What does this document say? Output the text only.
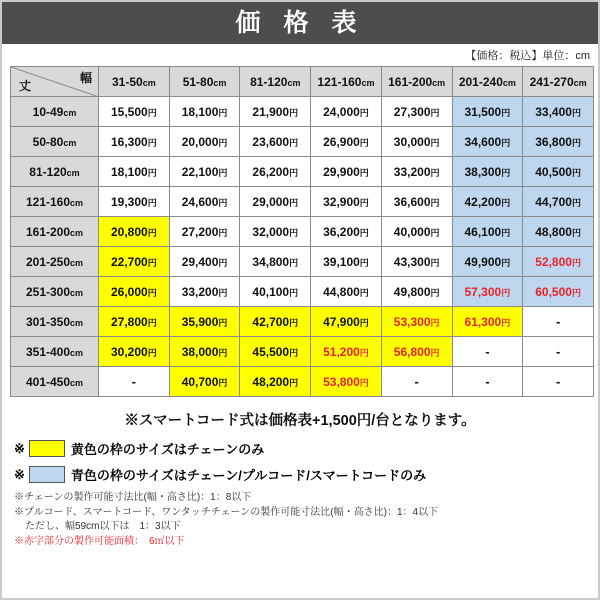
価 格 表
【価格：税込】単位：cm
幅
丈	31-50cm	51-80cm	81-120cm	121-160cm	161-200cm	201-240cm	241-270cm
10-49cm	15,500円	18,100円	21,900円	24,000円	27,300円	31,500円	33,400円
50-80cm	16,300円	20,000円	23,600円	26,900円	30,000円	34,600円	36,800円
81-120cm	18,100円	22,100円	26,200円	29,900円	33,200円	38,300円	40,500円
121-160cm	19,300円	24,600円	29,000円	32,900円	36,600円	42,200円	44,700円
161-200cm	20,800円	27,200円	32,000円	36,200円	40,000円	46,100円	48,800円
201-250cm	22,700円	29,400円	34,800円	39,100円	43,300円	49,900円	52,800円
251-300cm	26,000円	33,200円	40,100円	44,800円	49,800円	57,300円	60,500円
301-350cm	27,800円	35,900円	42,700円	47,900円	53,300円	61,300円	-
351-400cm	30,200円	38,000円	45,500円	51,200円	56,800円	-	-
401-450cm	-	40,700円	48,200円	53,800円	-	-	-
※スマートコード式は価格表+1,500円/台となります。
※	黄色の枠のサイズはチェーンのみ
※	青色の枠のサイズはチェーン/プルコード/スマートコードのみ
※チェーンの製作可能寸法比(幅・高さ比)：1：8以下
※プルコード、スマートコード、ワンタッチチェーンの製作可能寸法比(幅・高さ比)：1：4以下
ただし、幅59cm以下は　1：3以下
※赤字部分の製作可能面積：　6㎡以下
